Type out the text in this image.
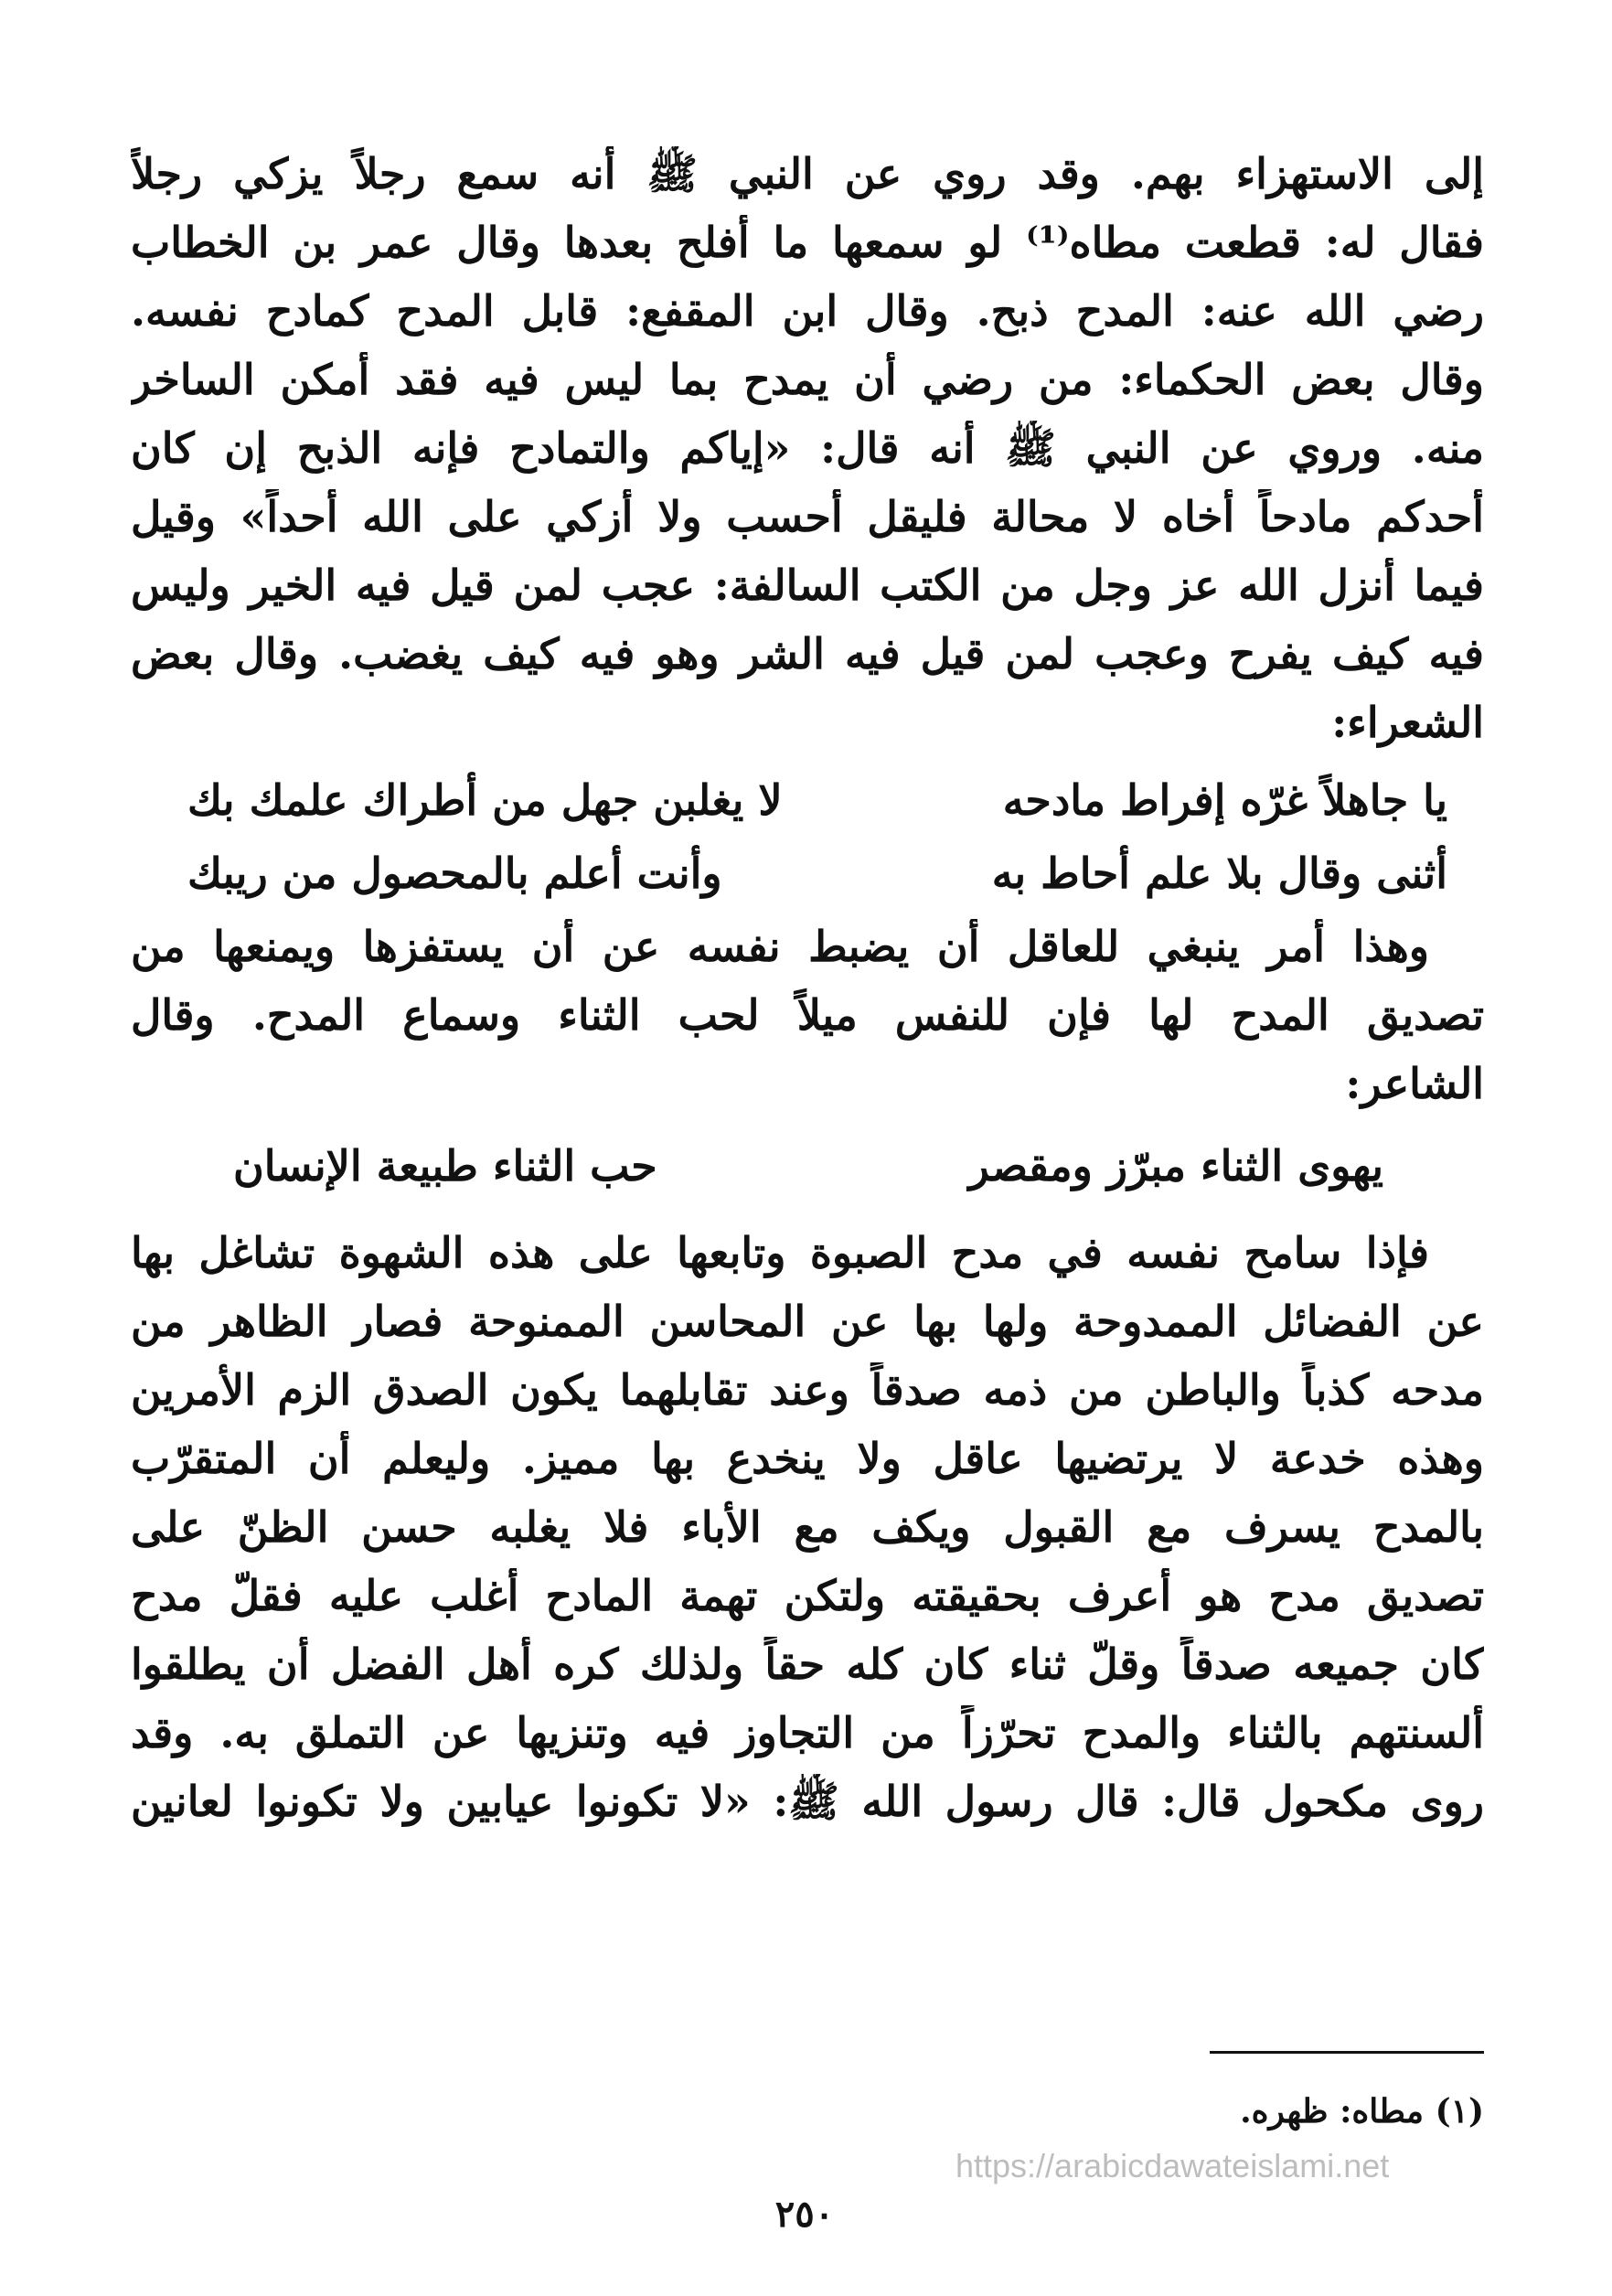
إلى الاستهزاء بهم. وقد روي عن النبي ﷺ أنه سمع رجلاً يزكي رجلاً
فقال له: قطعت مطاه⁽¹⁾ لو سمعها ما أفلح بعدها وقال عمر بن الخطاب
رضي الله عنه: المدح ذبح. وقال ابن المقفع: قابل المدح كمادح نفسه.
وقال بعض الحكماء: من رضي أن يمدح بما ليس فيه فقد أمكن الساخر
منه. وروي عن النبي ﷺ أنه قال: «إياكم والتمادح فإنه الذبح إن كان
أحدكم مادحاً أخاه لا محالة فليقل أحسب ولا أزكي على الله أحداً» وقيل
فيما أنزل الله عز وجل من الكتب السالفة: عجب لمن قيل فيه الخير وليس
فيه كيف يفرح وعجب لمن قيل فيه الشر وهو فيه كيف يغضب. وقال بعض
الشعراء:
يا جاهلاً غرّه إفراط مادحه
لا يغلبن جهل من أطراك علمك بك
أثنى وقال بلا علم أحاط به
وأنت أعلم بالمحصول من ريبك
وهذا أمر ينبغي للعاقل أن يضبط نفسه عن أن يستفزها ويمنعها من
تصديق المدح لها فإن للنفس ميلاً لحب الثناء وسماع المدح. وقال
الشاعر:
يهوى الثناء مبرّز ومقصر
حب الثناء طبيعة الإنسان
فإذا سامح نفسه في مدح الصبوة وتابعها على هذه الشهوة تشاغل بها
عن الفضائل الممدوحة ولها بها عن المحاسن الممنوحة فصار الظاهر من
مدحه كذباً والباطن من ذمه صدقاً وعند تقابلهما يكون الصدق الزم الأمرين
وهذه خدعة لا يرتضيها عاقل ولا ينخدع بها مميز. وليعلم أن المتقرّب
بالمدح يسرف مع القبول ويكف مع الأباء فلا يغلبه حسن الظنّ على
تصديق مدح هو أعرف بحقيقته ولتكن تهمة المادح أغلب عليه فقلّ مدح
كان جميعه صدقاً وقلّ ثناء كان كله حقاً ولذلك كره أهل الفضل أن يطلقوا
ألسنتهم بالثناء والمدح تحرّزاً من التجاوز فيه وتنزيها عن التملق به. وقد
روى مكحول قال: قال رسول الله ﷺ: «لا تكونوا عيابين ولا تكونوا لعانين
(١) مطاه: ظهره.
https://arabicdawateislami.net
٢٥٠
